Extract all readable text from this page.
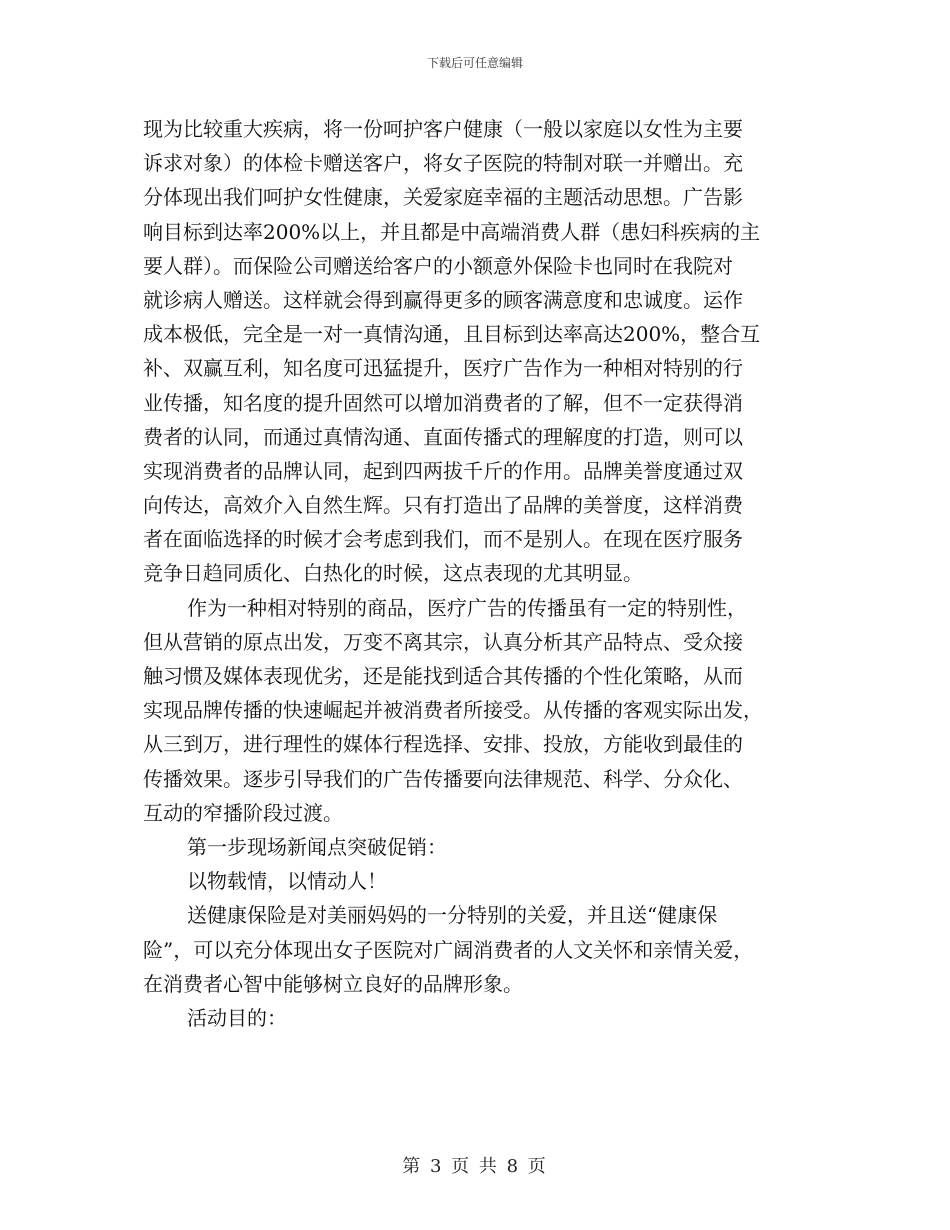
下载后可任意编辑
现为比较重大疾病，将一份呵护客户健康（一般以家庭以女性为主要
诉求对象）的体检卡赠送客户，将女子医院的特制对联一并赠出。充
分体现出我们呵护女性健康，关爱家庭幸福的主题活动思想。广告影
响目标到达率200%以上，并且都是中高端消费人群（患妇科疾病的主
要人群）。而保险公司赠送给客户的小额意外保险卡也同时在我院对
就诊病人赠送。这样就会得到赢得更多的顾客满意度和忠诚度。运作
成本极低，完全是一对一真情沟通，且目标到达率高达200%，整合互
补、双赢互利，知名度可迅猛提升，医疗广告作为一种相对特别的行
业传播，知名度的提升固然可以增加消费者的了解，但不一定获得消
费者的认同，而通过真情沟通、直面传播式的理解度的打造，则可以
实现消费者的品牌认同，起到四两拔千斤的作用。品牌美誉度通过双
向传达，高效介入自然生辉。只有打造出了品牌的美誉度，这样消费
者在面临选择的时候才会考虑到我们，而不是别人。在现在医疗服务
竞争日趋同质化、白热化的时候，这点表现的尤其明显。
作为一种相对特别的商品，医疗广告的传播虽有一定的特别性，
但从营销的原点出发，万变不离其宗，认真分析其产品特点、受众接
触习惯及媒体表现优劣，还是能找到适合其传播的个性化策略，从而
实现品牌传播的快速崛起并被消费者所接受。从传播的客观实际出发，
从三到万，进行理性的媒体行程选择、安排、投放，方能收到最佳的
传播效果。逐步引导我们的广告传播要向法律规范、科学、分众化、
互动的窄播阶段过渡。
第一步现场新闻点突破促销：
以物载情，以情动人！
送健康保险是对美丽妈妈的一分特别的关爱，并且送“健康保
险”，可以充分体现出女子医院对广阔消费者的人文关怀和亲情关爱，
在消费者心智中能够树立良好的品牌形象。
活动目的：
第 3 页 共 8 页
